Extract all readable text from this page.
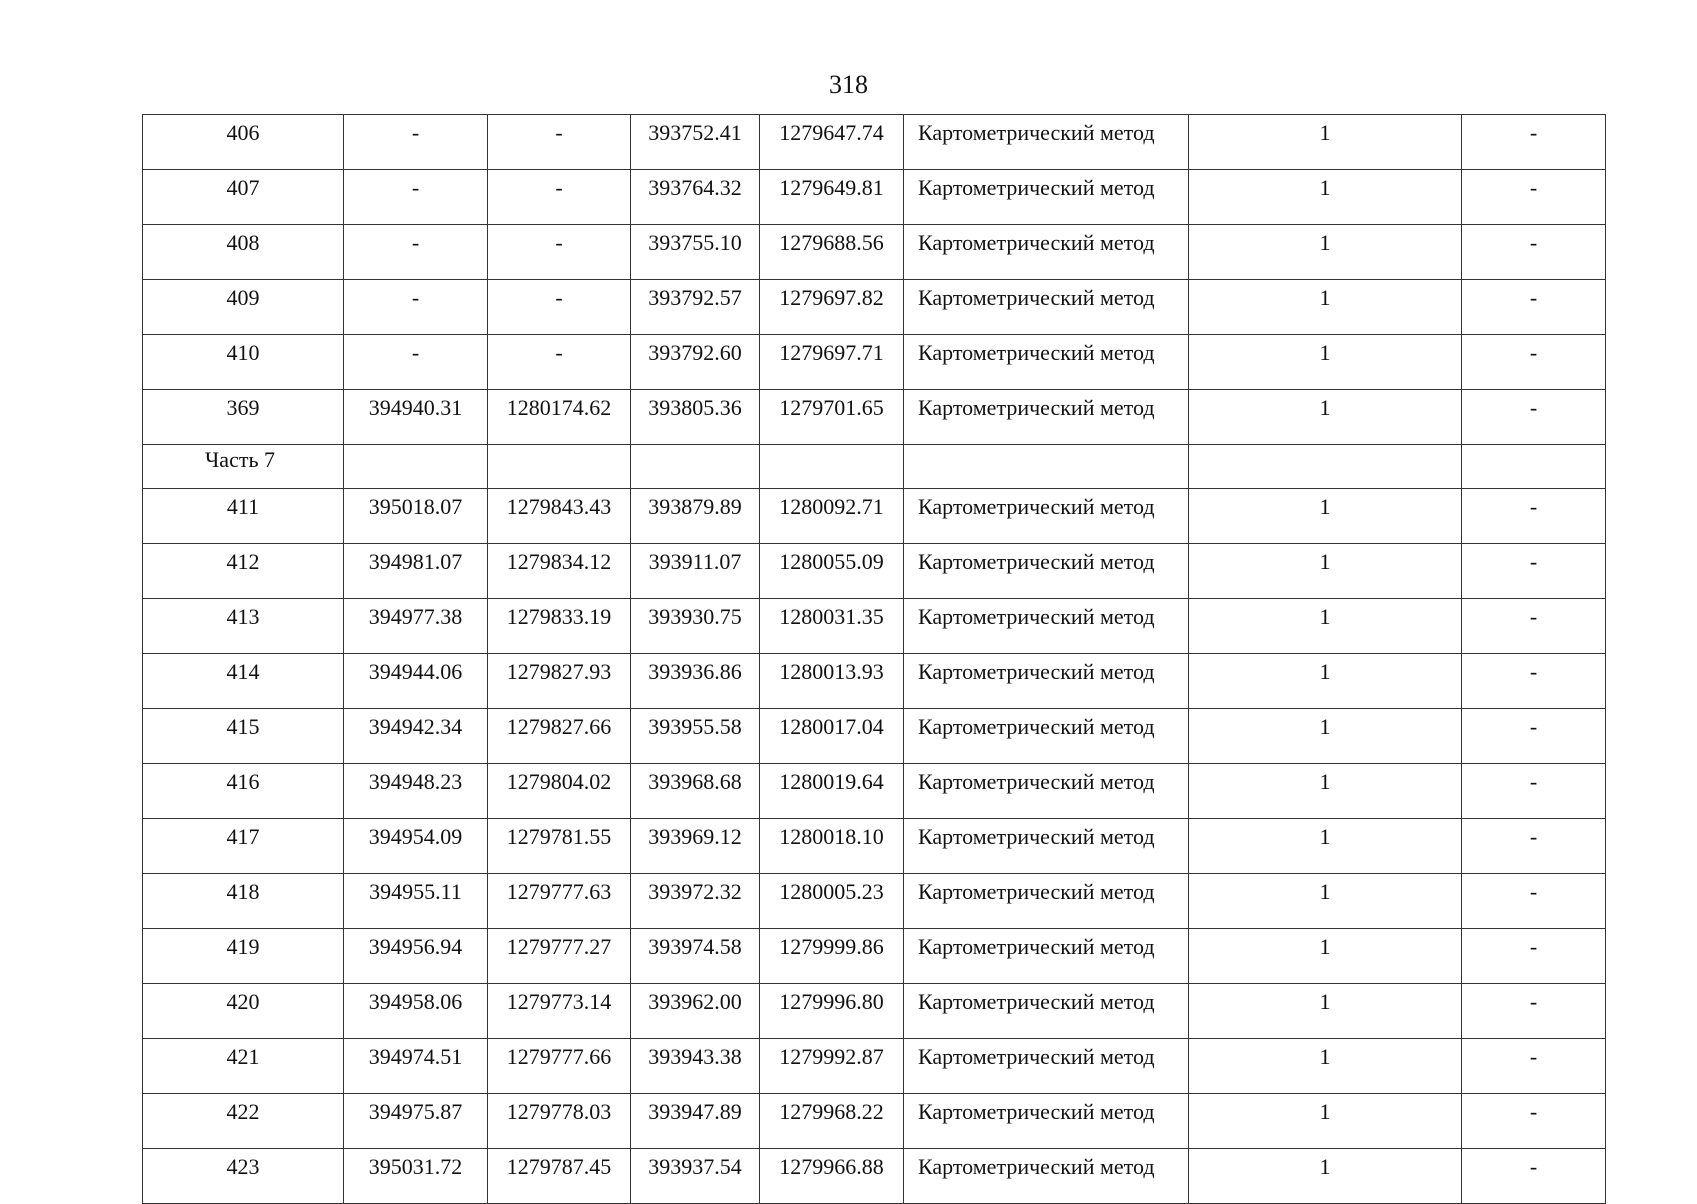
318
406	-	-	393752.41	1279647.74	Картометрический метод	1	-
407	-	-	393764.32	1279649.81	Картометрический метод	1	-
408	-	-	393755.10	1279688.56	Картометрический метод	1	-
409	-	-	393792.57	1279697.82	Картометрический метод	1	-
410	-	-	393792.60	1279697.71	Картометрический метод	1	-
369	394940.31	1280174.62	393805.36	1279701.65	Картометрический метод	1	-
Часть 7							
411	395018.07	1279843.43	393879.89	1280092.71	Картометрический метод	1	-
412	394981.07	1279834.12	393911.07	1280055.09	Картометрический метод	1	-
413	394977.38	1279833.19	393930.75	1280031.35	Картометрический метод	1	-
414	394944.06	1279827.93	393936.86	1280013.93	Картометрический метод	1	-
415	394942.34	1279827.66	393955.58	1280017.04	Картометрический метод	1	-
416	394948.23	1279804.02	393968.68	1280019.64	Картометрический метод	1	-
417	394954.09	1279781.55	393969.12	1280018.10	Картометрический метод	1	-
418	394955.11	1279777.63	393972.32	1280005.23	Картометрический метод	1	-
419	394956.94	1279777.27	393974.58	1279999.86	Картометрический метод	1	-
420	394958.06	1279773.14	393962.00	1279996.80	Картометрический метод	1	-
421	394974.51	1279777.66	393943.38	1279992.87	Картометрический метод	1	-
422	394975.87	1279778.03	393947.89	1279968.22	Картометрический метод	1	-
423	395031.72	1279787.45	393937.54	1279966.88	Картометрический метод	1	-
